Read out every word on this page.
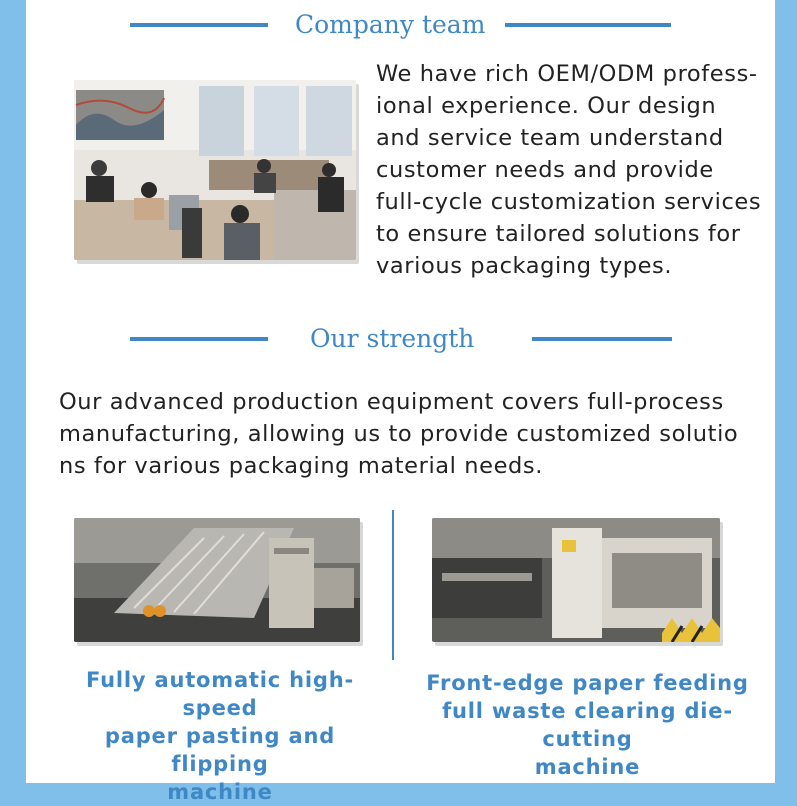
Company team
We have rich OEM/ODM profess-
ional experience. Our design
and service team understand
customer needs and provide
full-cycle customization services
to ensure tailored solutions for
various packaging types.
Our strength
Our advanced production equipment covers full-process
manufacturing, allowing us to provide customized solutio
ns for various packaging material needs.
Fully automatic high-speed
paper pasting and flipping
machine
Front-edge paper feeding
full waste clearing die-cutting
machine
